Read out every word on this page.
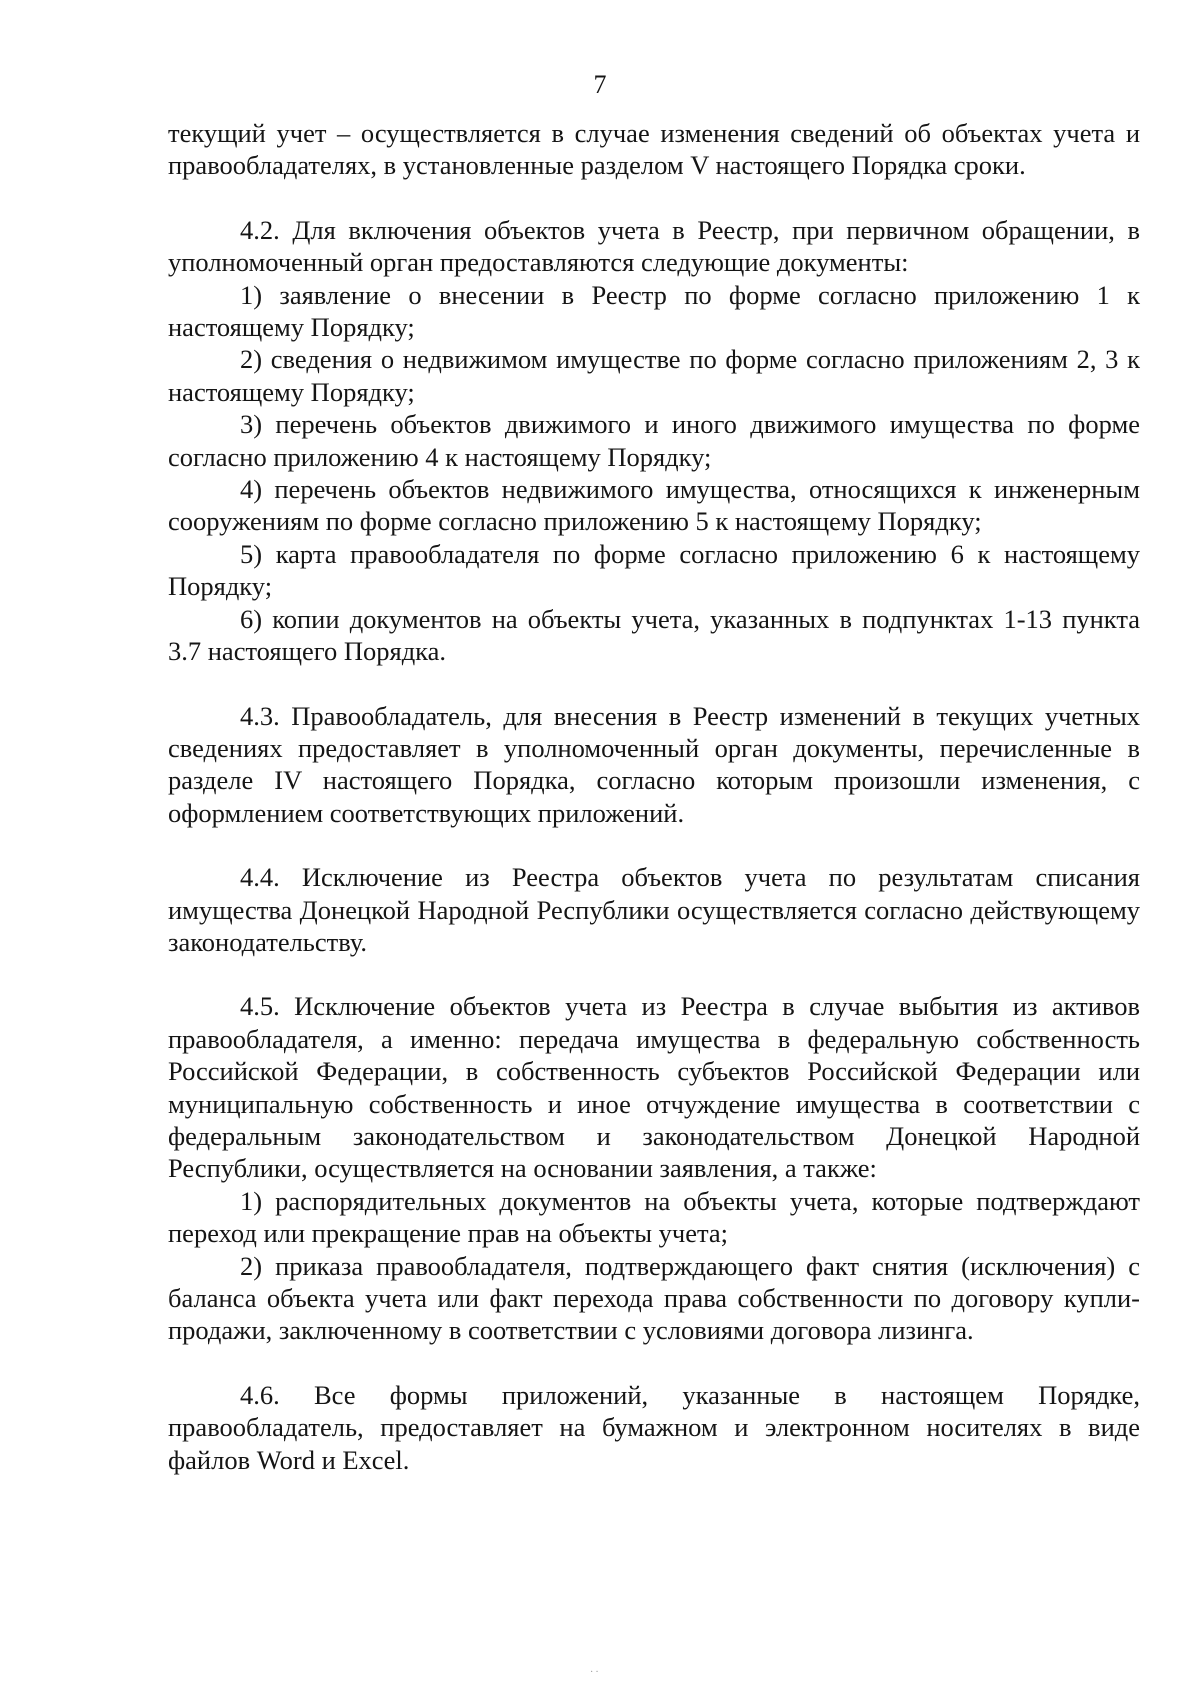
7

текущий учет – осуществляется в случае изменения сведений об объектах учета и правообладателях, в установленные разделом V настоящего Порядка сроки.

4.2. Для включения объектов учета в Реестр, при первичном обращении, в уполномоченный орган предоставляются следующие документы:

1) заявление о внесении в Реестр по форме согласно приложению 1 к настоящему Порядку;

2) сведения о недвижимом имуществе по форме согласно приложениям 2, 3 к настоящему Порядку;

3) перечень объектов движимого и иного движимого имущества по форме согласно приложению 4 к настоящему Порядку;

4) перечень объектов недвижимого имущества, относящихся к инженерным сооружениям по форме согласно приложению 5 к настоящему Порядку;

5) карта правообладателя по форме согласно приложению 6 к настоящему Порядку;

6) копии документов на объекты учета, указанных в подпунктах 1-13 пункта 3.7 настоящего Порядка.

4.3. Правообладатель, для внесения в Реестр изменений в текущих учетных сведениях предоставляет в уполномоченный орган документы, перечисленные в разделе IV настоящего Порядка, согласно которым произошли изменения, с оформлением соответствующих приложений.

4.4. Исключение из Реестра объектов учета по результатам списания имущества Донецкой Народной Республики осуществляется согласно действующему законодательству.

4.5. Исключение объектов учета из Реестра в случае выбытия из активов правообладателя, а именно: передача имущества в федеральную собственность Российской Федерации, в собственность субъектов Российской Федерации или муниципальную собственность и иное отчуждение имущества в соответствии с федеральным законодательством и законодательством Донецкой Народной Республики, осуществляется на основании заявления, а также:

1) распорядительных документов на объекты учета, которые подтверждают переход или прекращение прав на объекты учета;

2) приказа правообладателя, подтверждающего факт снятия (исключения) с баланса объекта учета или факт перехода права собственности по договору купли-продажи, заключенному в соответствии с условиями договора лизинга.

4.6. Все формы приложений, указанные в настоящем Порядке, правообладатель, предоставляет на бумажном и электронном носителях в виде файлов Word и Excel.

··
